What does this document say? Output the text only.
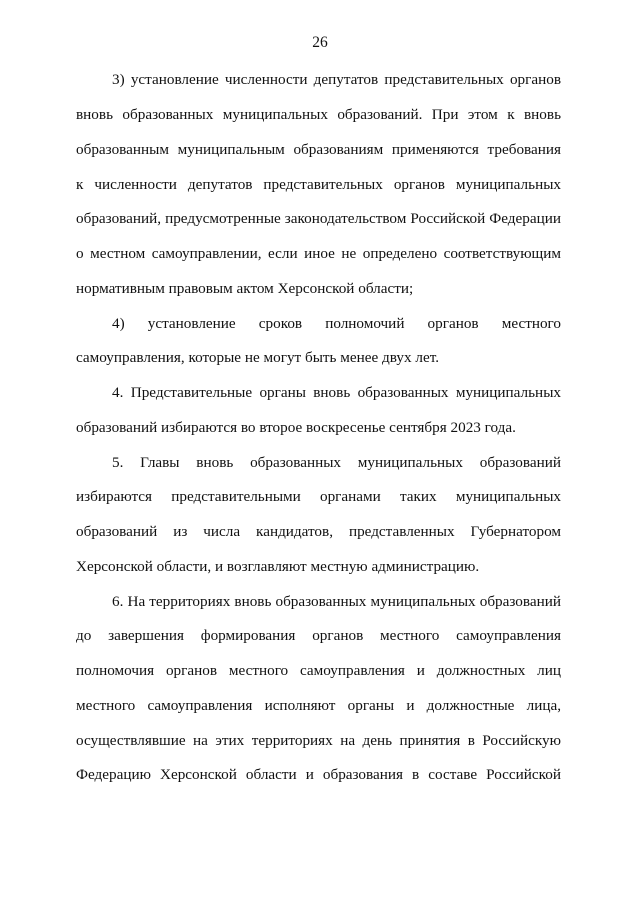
26
3) установление численности депутатов представительных органов
вновь образованных муниципальных образований. При этом к вновь
образованным муниципальным образованиям применяются требования
к численности депутатов представительных органов муниципальных
образований, предусмотренные законодательством Российской Федерации
о местном самоуправлении, если иное не определено соответствующим
нормативным правовым актом Херсонской области;
4) установление сроков полномочий органов местного
самоуправления, которые не могут быть менее двух лет.
4. Представительные органы вновь образованных муниципальных
образований избираются во второе воскресенье сентября 2023 года.
5. Главы вновь образованных муниципальных образований
избираются представительными органами таких муниципальных
образований из числа кандидатов, представленных Губернатором
Херсонской области, и возглавляют местную администрацию.
6. На территориях вновь образованных муниципальных образований
до завершения формирования органов местного самоуправления
полномочия органов местного самоуправления и должностных лиц
местного самоуправления исполняют органы и должностные лица,
осуществлявшие на этих территориях на день принятия в Российскую
Федерацию Херсонской области и образования в составе Российской
